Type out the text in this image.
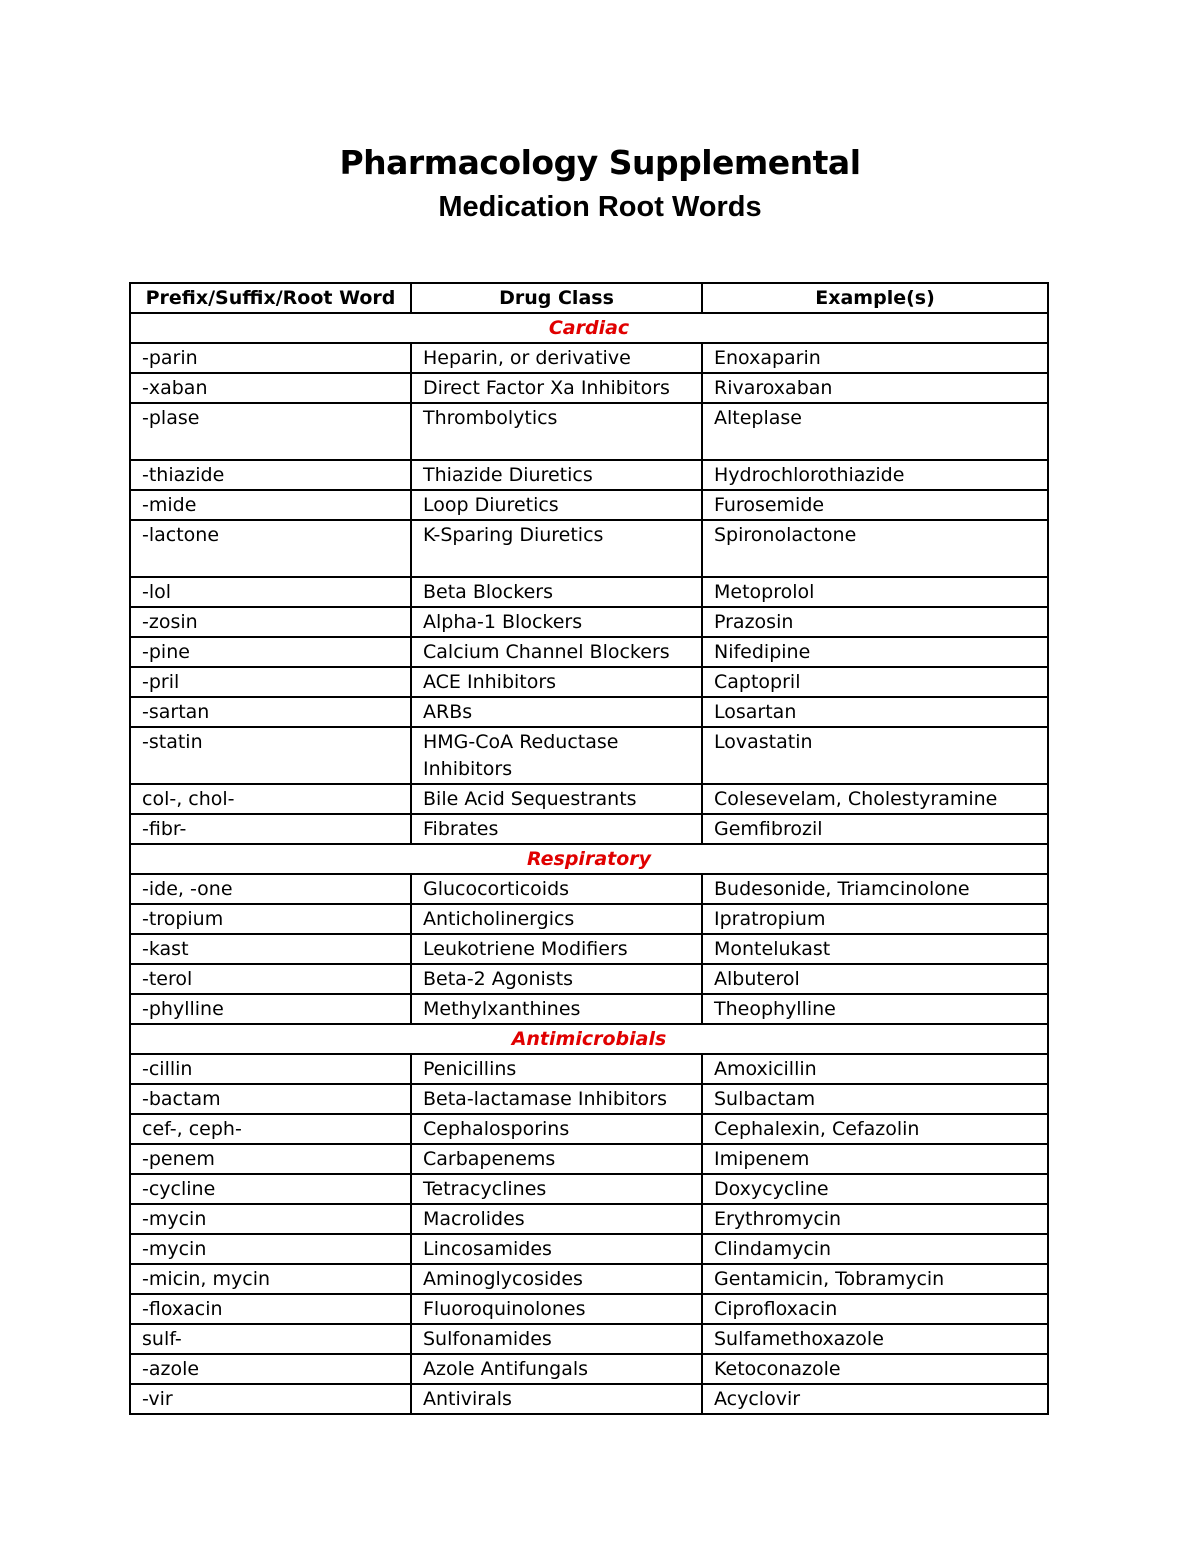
Pharmacology Supplemental
Medication Root Words
Prefix/Suffix/Root Word	Drug Class	Example(s)
Cardiac		
-parin	Heparin, or derivative	Enoxaparin
-xaban	Direct Factor Xa Inhibitors	Rivaroxaban
-plase	Thrombolytics	Alteplase
-thiazide	Thiazide Diuretics	Hydrochlorothiazide
-mide	Loop Diuretics	Furosemide
-lactone	K-Sparing Diuretics	Spironolactone
-lol	Beta Blockers	Metoprolol
-zosin	Alpha-1 Blockers	Prazosin
-pine	Calcium Channel Blockers	Nifedipine
-pril	ACE Inhibitors	Captopril
-sartan	ARBs	Losartan
-statin	HMG-CoA Reductase Inhibitors	Lovastatin
col-, chol-	Bile Acid Sequestrants	Colesevelam, Cholestyramine
-fibr-	Fibrates	Gemfibrozil
Respiratory		
-ide, -one	Glucocorticoids	Budesonide, Triamcinolone
-tropium	Anticholinergics	Ipratropium
-kast	Leukotriene Modifiers	Montelukast
-terol	Beta-2 Agonists	Albuterol
-phylline	Methylxanthines	Theophylline
Antimicrobials		
-cillin	Penicillins	Amoxicillin
-bactam	Beta-lactamase Inhibitors	Sulbactam
cef-, ceph-	Cephalosporins	Cephalexin, Cefazolin
-penem	Carbapenems	Imipenem
-cycline	Tetracyclines	Doxycycline
-mycin	Macrolides	Erythromycin
-mycin	Lincosamides	Clindamycin
-micin, mycin	Aminoglycosides	Gentamicin, Tobramycin
-floxacin	Fluoroquinolones	Ciprofloxacin
sulf-	Sulfonamides	Sulfamethoxazole
-azole	Azole Antifungals	Ketoconazole
-vir	Antivirals	Acyclovir
